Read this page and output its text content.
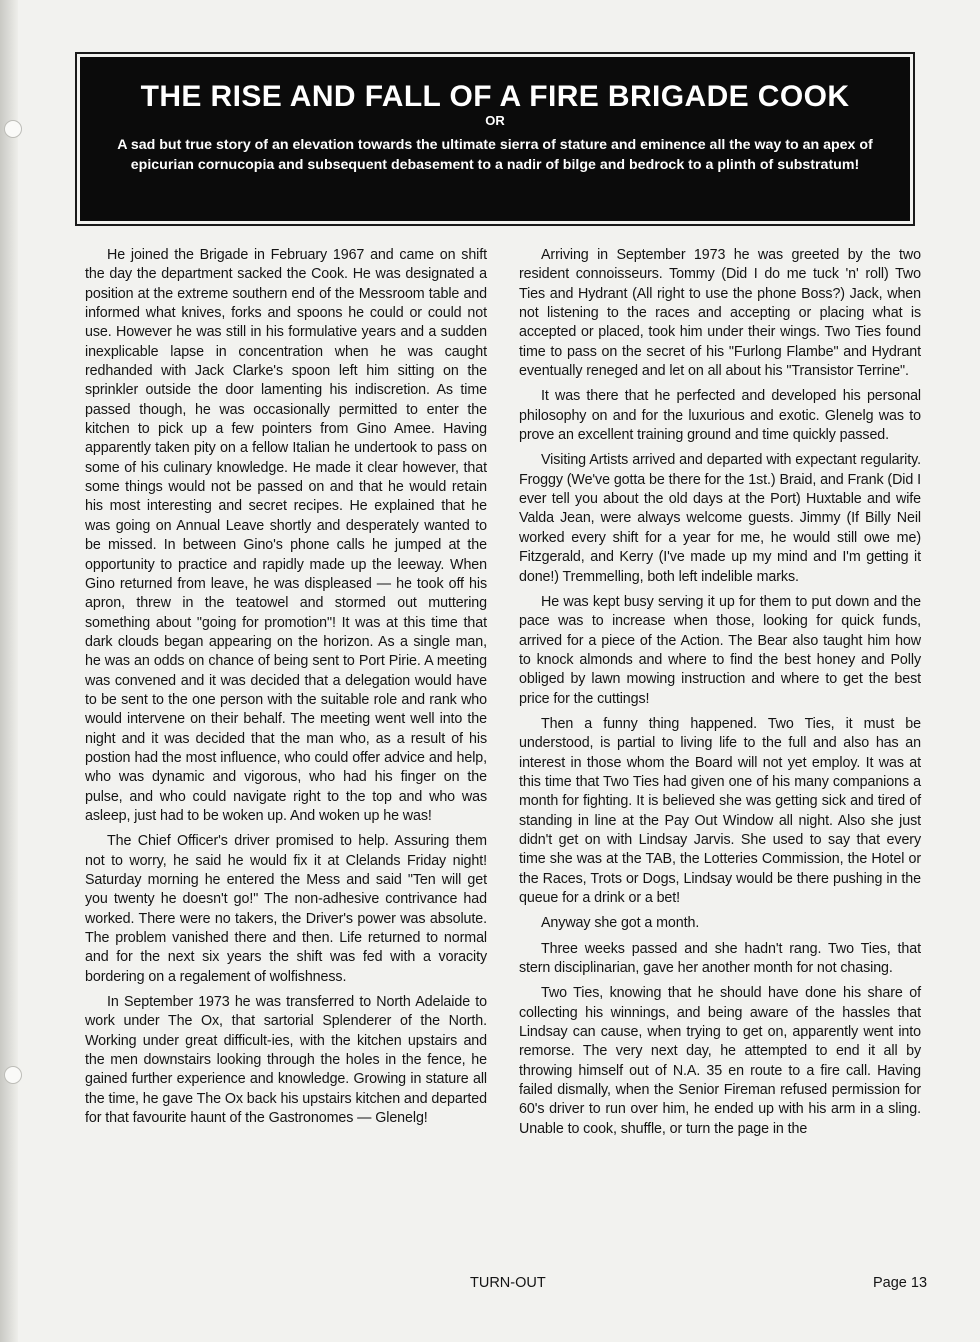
THE RISE AND FALL OF A FIRE BRIGADE COOK
OR
A sad but true story of an elevation towards the ultimate sierra of stature and eminence all the way to an apex of epicurian cornucopia and subsequent debasement to a nadir of bilge and bedrock to a plinth of substratum!

He joined the Brigade in February 1967 and came on shift the day the department sacked the Cook. He was designated a position at the extreme southern end of the Messroom table and informed what knives, forks and spoons he could or could not use. However he was still in his formulative years and a sudden inexplicable lapse in concentration when he was caught redhanded with Jack Clarke's spoon left him sitting on the sprinkler outside the door lamenting his indiscretion. As time passed though, he was occasionally permitted to enter the kitchen to pick up a few pointers from Gino Amee. Having apparently taken pity on a fellow Italian he undertook to pass on some of his culinary knowledge. He made it clear however, that some things would not be passed on and that he would retain his most interesting and secret recipes. He explained that he was going on Annual Leave shortly and desperately wanted to be missed. In between Gino's phone calls he jumped at the opportunity to practice and rapidly made up the leeway. When Gino returned from leave, he was displeased — he took off his apron, threw in the teatowel and stormed out muttering something about "going for promotion"! It was at this time that dark clouds began appearing on the horizon. As a single man, he was an odds on chance of being sent to Port Pirie. A meeting was convened and it was decided that a delegation would have to be sent to the one person with the suitable role and rank who would intervene on their behalf. The meeting went well into the night and it was decided that the man who, as a result of his postion had the most influence, who could offer advice and help, who was dynamic and vigorous, who had his finger on the pulse, and who could navigate right to the top and who was asleep, just had to be woken up. And woken up he was!

The Chief Officer's driver promised to help. Assuring them not to worry, he said he would fix it at Clelands Friday night! Saturday morning he entered the Mess and said "Ten will get you twenty he doesn't go!" The non-adhesive contrivance had worked. There were no takers, the Driver's power was absolute. The problem vanished there and then. Life returned to normal and for the next six years the shift was fed with a voracity bordering on a regalement of wolfishness.

In September 1973 he was transferred to North Adelaide to work under The Ox, that sartorial Splenderer of the North. Working under great difficult-ies, with the kitchen upstairs and the men downstairs looking through the holes in the fence, he gained further experience and knowledge. Growing in stature all the time, he gave The Ox back his upstairs kitchen and departed for that favourite haunt of the Gastronomes — Glenelg!

Arriving in September 1973 he was greeted by the two resident connoisseurs. Tommy (Did I do me tuck 'n' roll) Two Ties and Hydrant (All right to use the phone Boss?) Jack, when not listening to the races and accepting or placing what is accepted or placed, took him under their wings. Two Ties found time to pass on the secret of his "Furlong Flambe" and Hydrant eventually reneged and let on all about his "Transistor Terrine".

It was there that he perfected and developed his personal philosophy on and for the luxurious and exotic. Glenelg was to prove an excellent training ground and time quickly passed.

Visiting Artists arrived and departed with expectant regularity. Froggy (We've gotta be there for the 1st.) Braid, and Frank (Did I ever tell you about the old days at the Port) Huxtable and wife Valda Jean, were always welcome guests. Jimmy (If Billy Neil worked every shift for a year for me, he would still owe me) Fitzgerald, and Kerry (I've made up my mind and I'm getting it done!) Tremmelling, both left indelible marks.

He was kept busy serving it up for them to put down and the pace was to increase when those, looking for quick funds, arrived for a piece of the Action. The Bear also taught him how to knock almonds and where to find the best honey and Polly obliged by lawn mowing instruction and where to get the best price for the cuttings!

Then a funny thing happened. Two Ties, it must be understood, is partial to living life to the full and also has an interest in those whom the Board will not yet employ. It was at this time that Two Ties had given one of his many companions a month for fighting. It is believed she was getting sick and tired of standing in line at the Pay Out Window all night. Also she just didn't get on with Lindsay Jarvis. She used to say that every time she was at the TAB, the Lotteries Commission, the Hotel or the Races, Trots or Dogs, Lindsay would be there pushing in the queue for a drink or a bet!

Anyway she got a month.

Three weeks passed and she hadn't rang. Two Ties, that stern disciplinarian, gave her another month for not chasing.

Two Ties, knowing that he should have done his share of collecting his winnings, and being aware of the hassles that Lindsay can cause, when trying to get on, apparently went into remorse. The very next day, he attempted to end it all by throwing himself out of N.A. 35 en route to a fire call. Having failed dismally, when the Senior Fireman refused permission for 60's driver to run over him, he ended up with his arm in a sling. Unable to cook, shuffle, or turn the page in the

TURN-OUT	Page 13
